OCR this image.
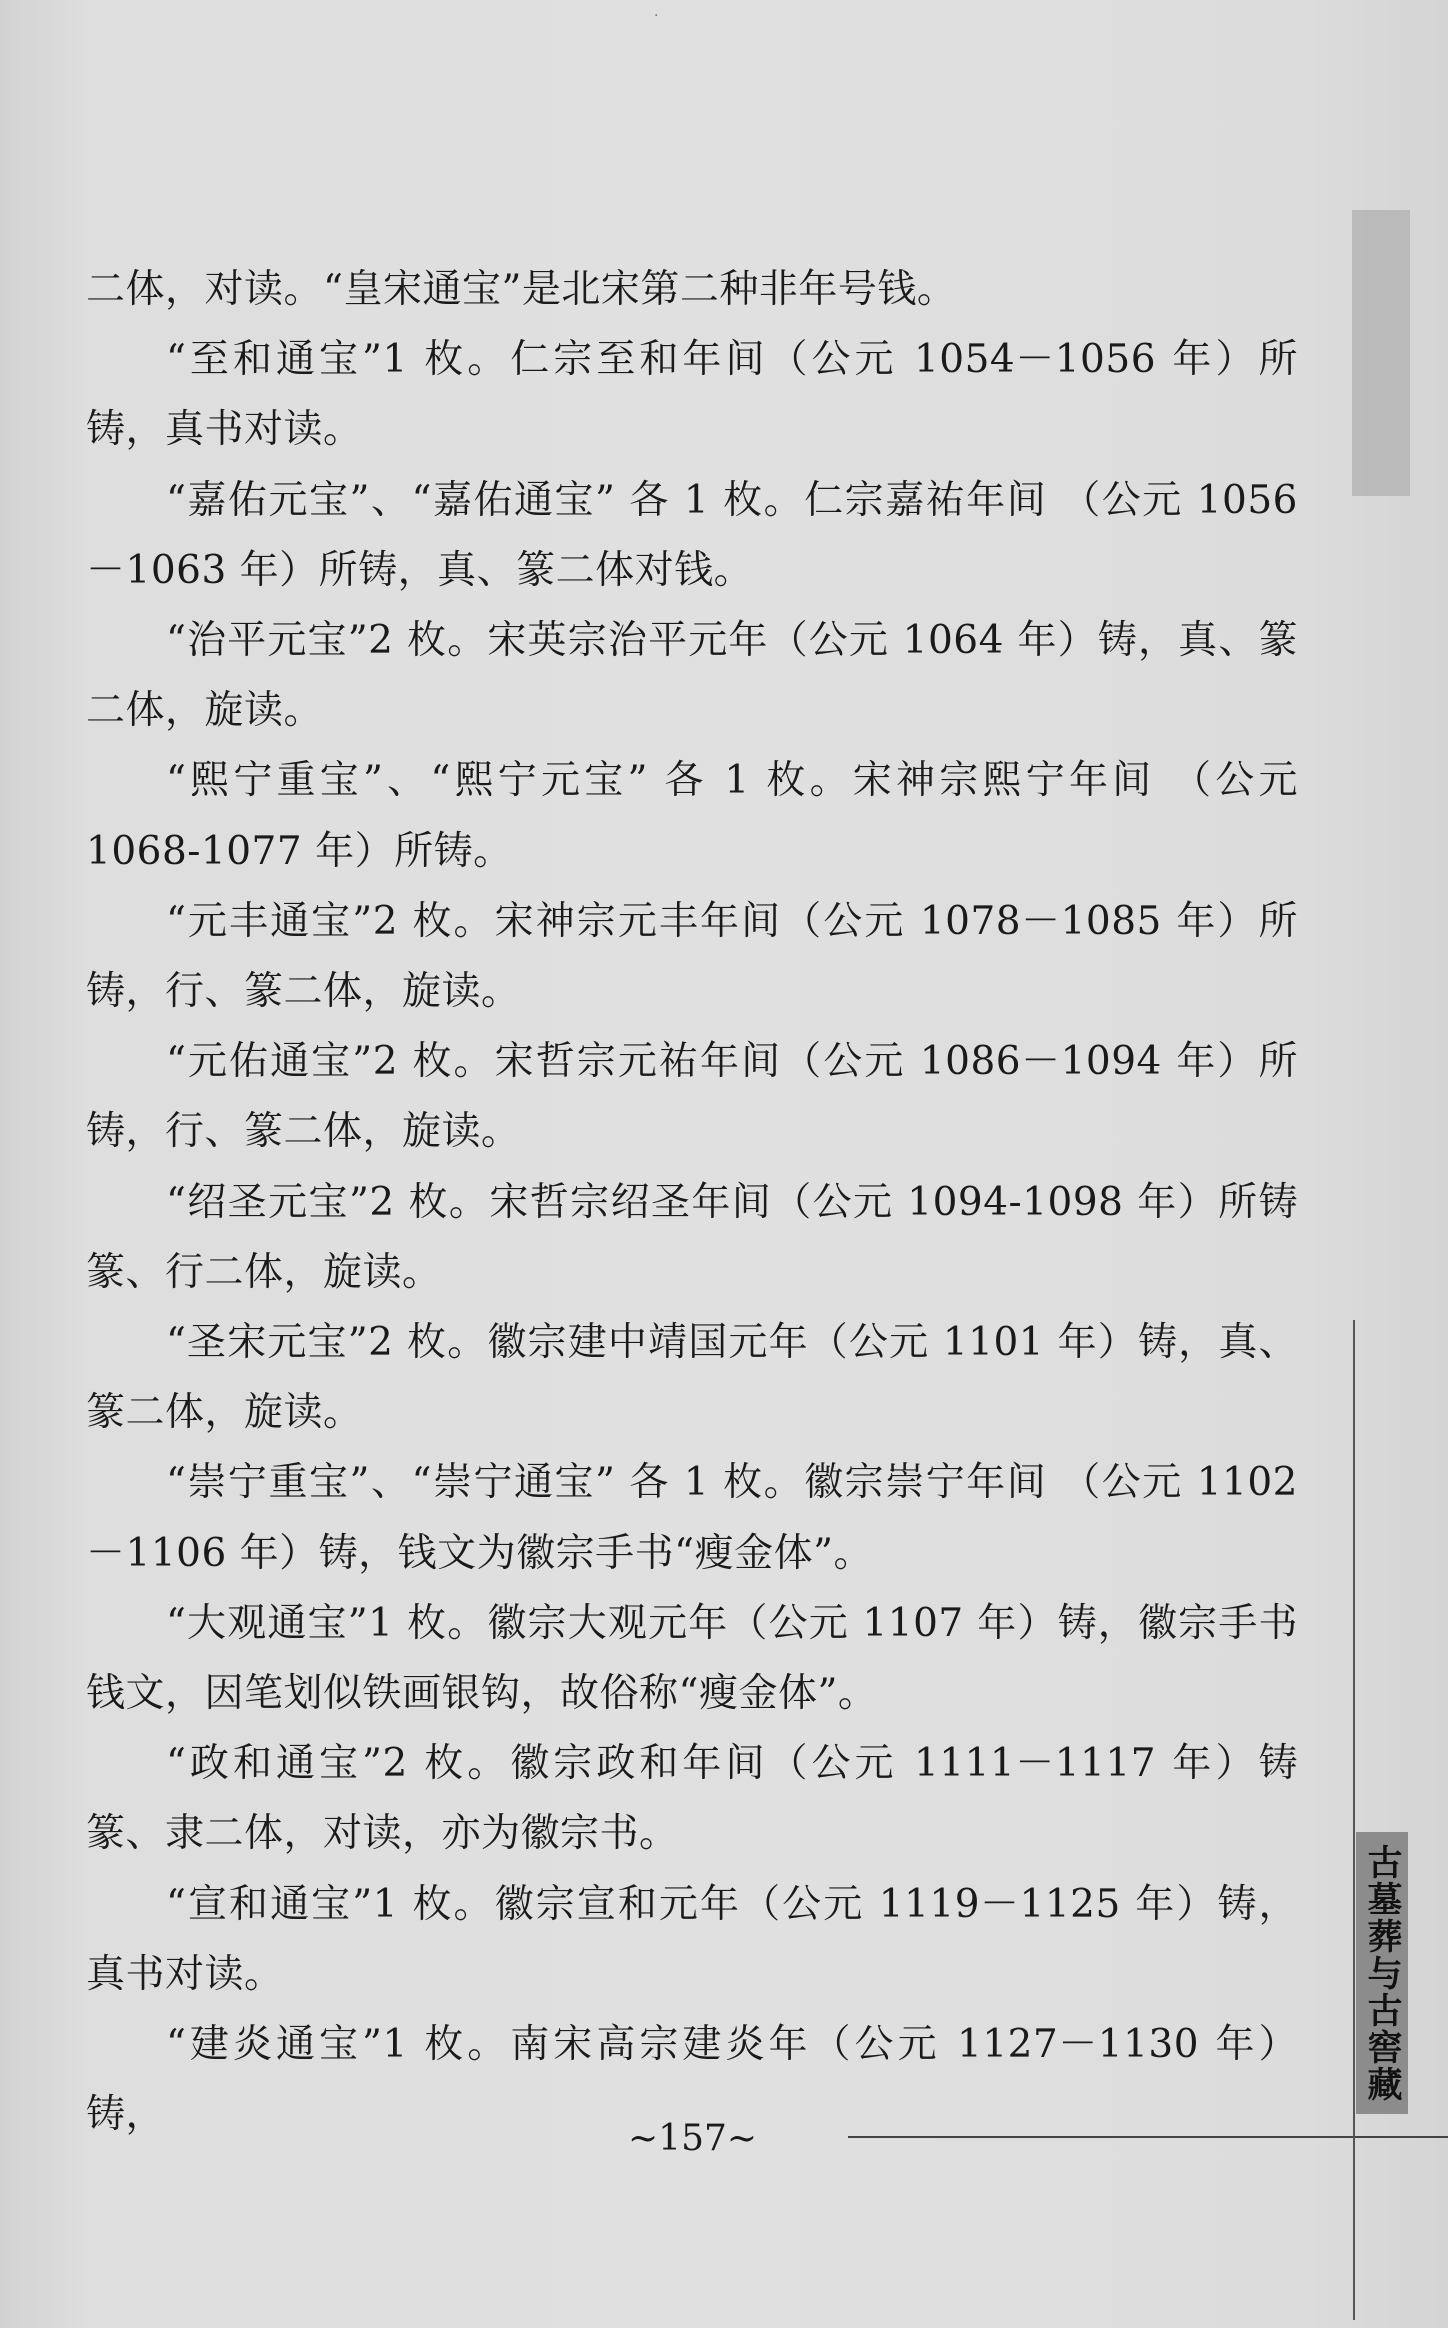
·

二体，对读。“皇宋通宝”是北宋第二种非年号钱。

“至和通宝”1 枚。仁宗至和年间（公元 1054－1056 年）所铸，真书对读。

“嘉佑元宝”、“嘉佑通宝” 各 1 枚。仁宗嘉祐年间 （公元 1056－1063 年）所铸，真、篆二体对钱。

“治平元宝”2 枚。宋英宗治平元年（公元 1064 年）铸，真、篆二体，旋读。

“熙宁重宝”、“熙宁元宝” 各 1 枚。宋神宗熙宁年间 （公元 1068-1077 年）所铸。

“元丰通宝”2 枚。宋神宗元丰年间（公元 1078－1085 年）所铸，行、篆二体，旋读。

“元佑通宝”2 枚。宋哲宗元祐年间（公元 1086－1094 年）所铸，行、篆二体，旋读。

“绍圣元宝”2 枚。宋哲宗绍圣年间（公元 1094-1098 年）所铸篆、行二体，旋读。

“圣宋元宝”2 枚。徽宗建中靖国元年（公元 1101 年）铸，真、篆二体，旋读。

“崇宁重宝”、“崇宁通宝” 各 1 枚。徽宗崇宁年间 （公元 1102－1106 年）铸，钱文为徽宗手书“瘦金体”。

“大观通宝”1 枚。徽宗大观元年（公元 1107 年）铸，徽宗手书钱文，因笔划似铁画银钩，故俗称“瘦金体”。

“政和通宝”2 枚。徽宗政和年间（公元 1111－1117 年）铸篆、隶二体，对读，亦为徽宗书。

“宣和通宝”1 枚。徽宗宣和元年（公元 1119－1125 年）铸，真书对读。

“建炎通宝”1 枚。南宋高宗建炎年（公元 1127－1130 年）铸，

~157~
古墓葬与古窖藏
